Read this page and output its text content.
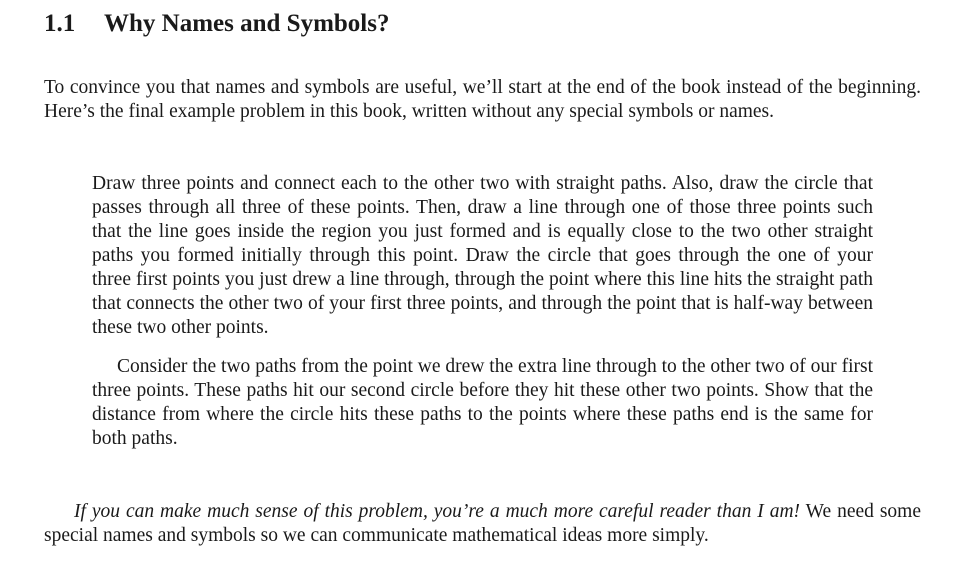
1.1 Why Names and Symbols?

To convince you that names and symbols are useful, we’ll start at the end of the book instead of the beginning. Here’s the final example problem in this book, written without any special symbols or names.

Draw three points and connect each to the other two with straight paths. Also, draw the circle that passes through all three of these points. Then, draw a line through one of those three points such that the line goes inside the region you just formed and is equally close to the two other straight paths you formed initially through this point. Draw the circle that goes through the one of your three first points you just drew a line through, through the point where this line hits the straight path that connects the other two of your first three points, and through the point that is half-way between these two other points.

Consider the two paths from the point we drew the extra line through to the other two of our first three points. These paths hit our second circle before they hit these other two points. Show that the distance from where the circle hits these paths to the points where these paths end is the same for both paths.

If you can make much sense of this problem, you’re a much more careful reader than I am! We need some special names and symbols so we can communicate mathematical ideas more simply.
